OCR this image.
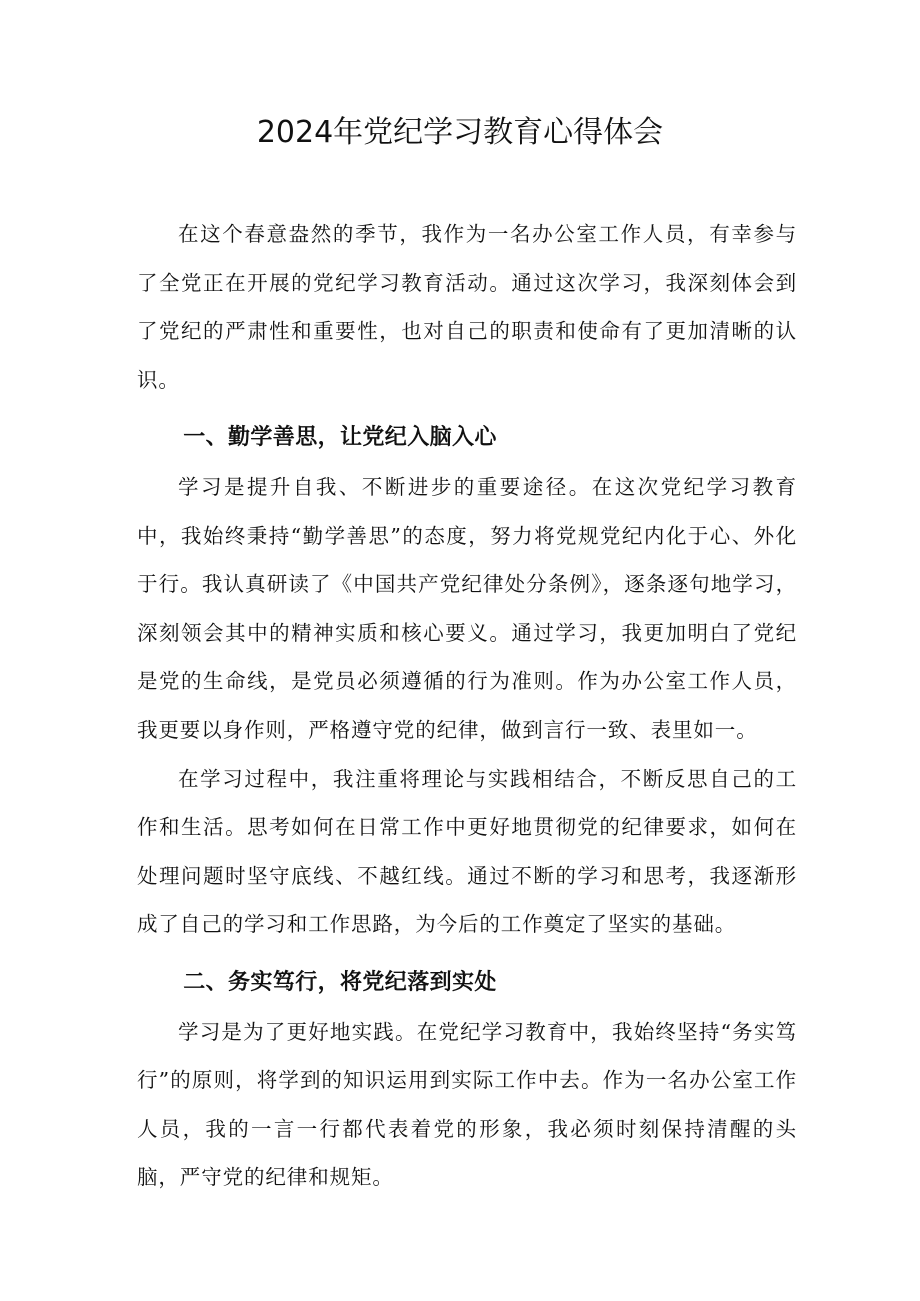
2024年党纪学习教育心得体会

在这个春意盎然的季节，我作为一名办公室工作人员，有幸参与了全党正在开展的党纪学习教育活动。通过这次学习，我深刻体会到了党纪的严肃性和重要性，也对自己的职责和使命有了更加清晰的认识。

一、勤学善思，让党纪入脑入心

学习是提升自我、不断进步的重要途径。在这次党纪学习教育中，我始终秉持“勤学善思”的态度，努力将党规党纪内化于心、外化于行。我认真研读了《中国共产党纪律处分条例》，逐条逐句地学习，深刻领会其中的精神实质和核心要义。通过学习，我更加明白了党纪是党的生命线，是党员必须遵循的行为准则。作为办公室工作人员，我更要以身作则，严格遵守党的纪律，做到言行一致、表里如一。

在学习过程中，我注重将理论与实践相结合，不断反思自己的工作和生活。思考如何在日常工作中更好地贯彻党的纪律要求，如何在处理问题时坚守底线、不越红线。通过不断的学习和思考，我逐渐形成了自己的学习和工作思路，为今后的工作奠定了坚实的基础。

二、务实笃行，将党纪落到实处

学习是为了更好地实践。在党纪学习教育中，我始终坚持“务实笃行”的原则，将学到的知识运用到实际工作中去。作为一名办公室工作人员，我的一言一行都代表着党的形象，我必须时刻保持清醒的头脑，严守党的纪律和规矩。
